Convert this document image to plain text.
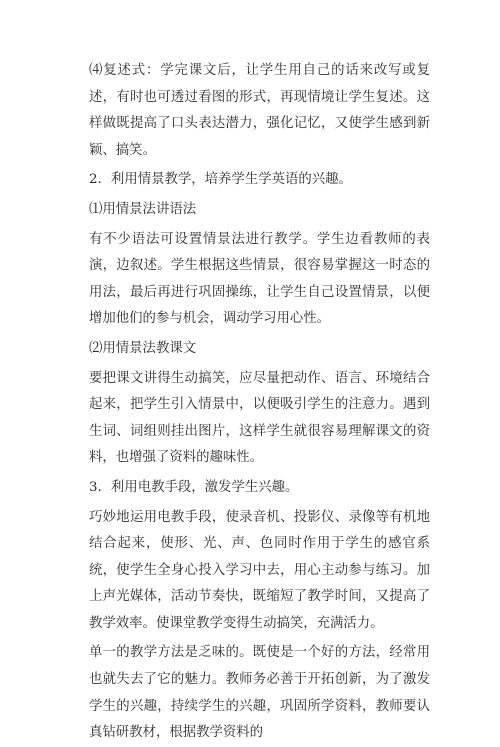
⑷复述式：学完课文后，让学生用自己的话来改写或复述，有时也可透过看图的形式，再现情境让学生复述。这样做既提高了口头表达潜力，强化记忆，又使学生感到新颖、搞笑。

2．利用情景教学，培养学生学英语的兴趣。

⑴用情景法讲语法

有不少语法可设置情景法进行教学。学生边看教师的表演，边叙述。学生根据这些情景，很容易掌握这一时态的用法，最后再进行巩固操练，让学生自己设置情景，以便增加他们的参与机会，调动学习用心性。

⑵用情景法教课文

要把课文讲得生动搞笑，应尽量把动作、语言、环境结合起来，把学生引入情景中，以便吸引学生的注意力。遇到生词、词组则挂出图片，这样学生就很容易理解课文的资料，也增强了资料的趣味性。

3．利用电教手段，激发学生兴趣。

巧妙地运用电教手段，使录音机、投影仪、录像等有机地结合起来，使形、光、声、色同时作用于学生的感官系统，使学生全身心投入学习中去，用心主动参与练习。加上声光媒体，活动节奏快，既缩短了教学时间，又提高了教学效率。使课堂教学变得生动搞笑，充满活力。

单一的教学方法是乏味的。既使是一个好的方法，经常用也就失去了它的魅力。教师务必善于开拓创新，为了激发学生的兴趣，持续学生的兴趣，巩固所学资料，教师要认真钻研教材，根据教学资料的
